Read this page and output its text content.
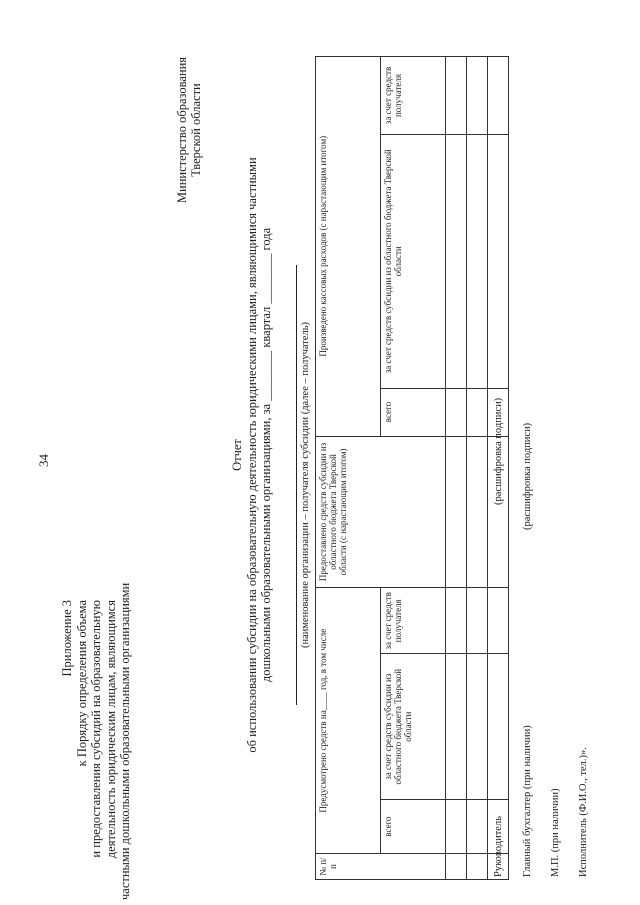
34
Приложение 3 к Порядку определения объема и предоставления субсидий на образовательную деятельность юридическим лицам, являющимся частными дошкольными образовательными организациями
Министерство образования Тверской области
Отчет об использовании субсидии на образовательную деятельность юридическими лицами, являющимися частными дошкольными образовательными организациями, за ________ квартал ________ года	(наименование организации – получателя субсидии (далее – получатель)
№ п/п	Предусмотрено средств на____ год, в том числе			Предоставлено средств субсидии из областного бюджета Тверской области (с нарастающим итогом)	Произведено кассовых расходов (с нарастающим итогом)		
	всего	за счет средств субсидии из областного бюджета Тверской области	за счет средств получателя		всего	за счет средств субсидии из областного бюджета Тверской области	за счет средств получателя

Руководитель
(расшифровка подписи)
Главный бухгалтер (при наличии)
(расшифровка подписи)
М.П. (при наличии) Исполнитель (Ф.И.О., тел.)».
